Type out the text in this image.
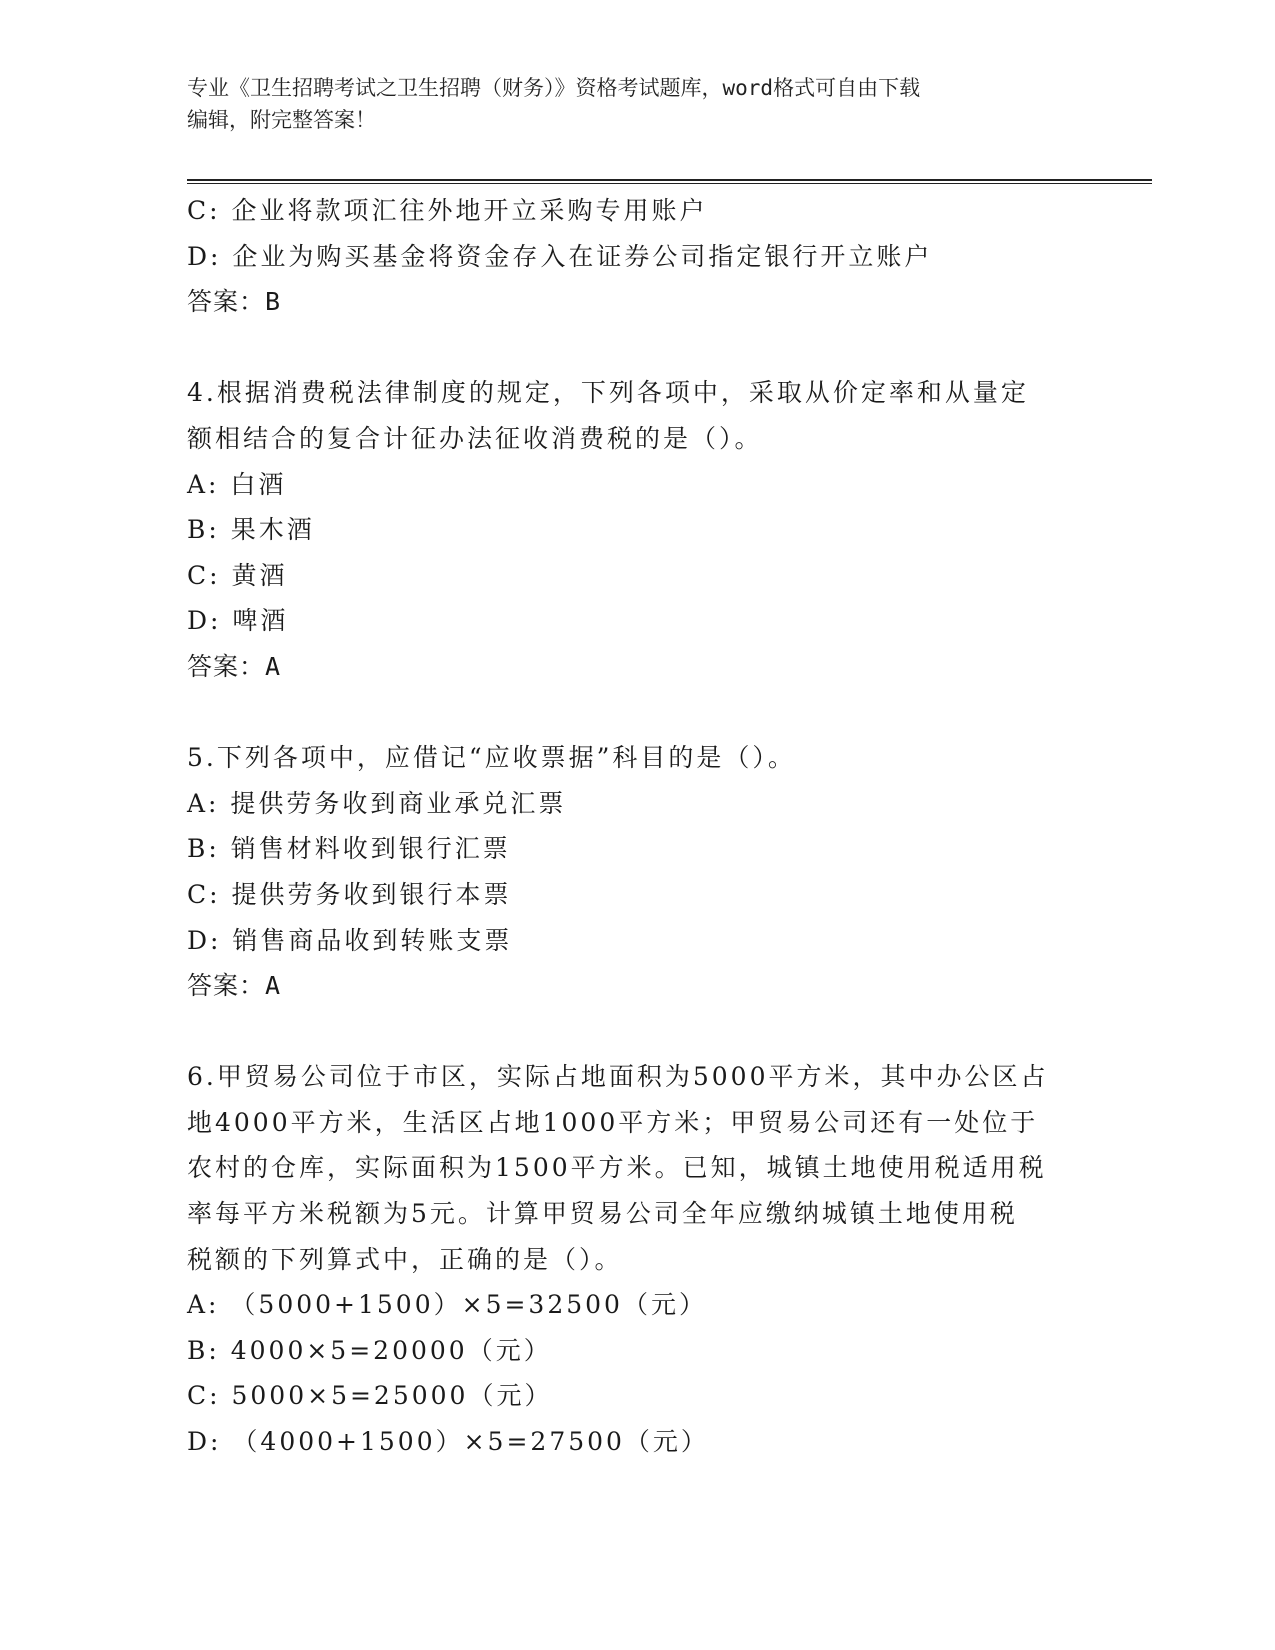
专业《卫生招聘考试之卫生招聘（财务）》资格考试题库，word格式可自由下载
编辑，附完整答案！
C: 企业将款项汇往外地开立采购专用账户
D: 企业为购买基金将资金存入在证券公司指定银行开立账户
答案：B
4.根据消费税法律制度的规定，下列各项中，采取从价定率和从量定
额相结合的复合计征办法征收消费税的是（）。
A: 白酒
B: 果木酒
C: 黄酒
D: 啤酒
答案：A
5.下列各项中，应借记“应收票据”科目的是（）。
A: 提供劳务收到商业承兑汇票
B: 销售材料收到银行汇票
C: 提供劳务收到银行本票
D: 销售商品收到转账支票
答案：A
6.甲贸易公司位于市区，实际占地面积为5000平方米，其中办公区占
地4000平方米，生活区占地1000平方米；甲贸易公司还有一处位于
农村的仓库，实际面积为1500平方米。已知，城镇土地使用税适用税
率每平方米税额为5元。计算甲贸易公司全年应缴纳城镇土地使用税
税额的下列算式中，正确的是（）。
A: （5000+1500）×5=32500（元）
B: 4000×5=20000（元）
C: 5000×5=25000（元）
D: （4000+1500）×5=27500（元）
